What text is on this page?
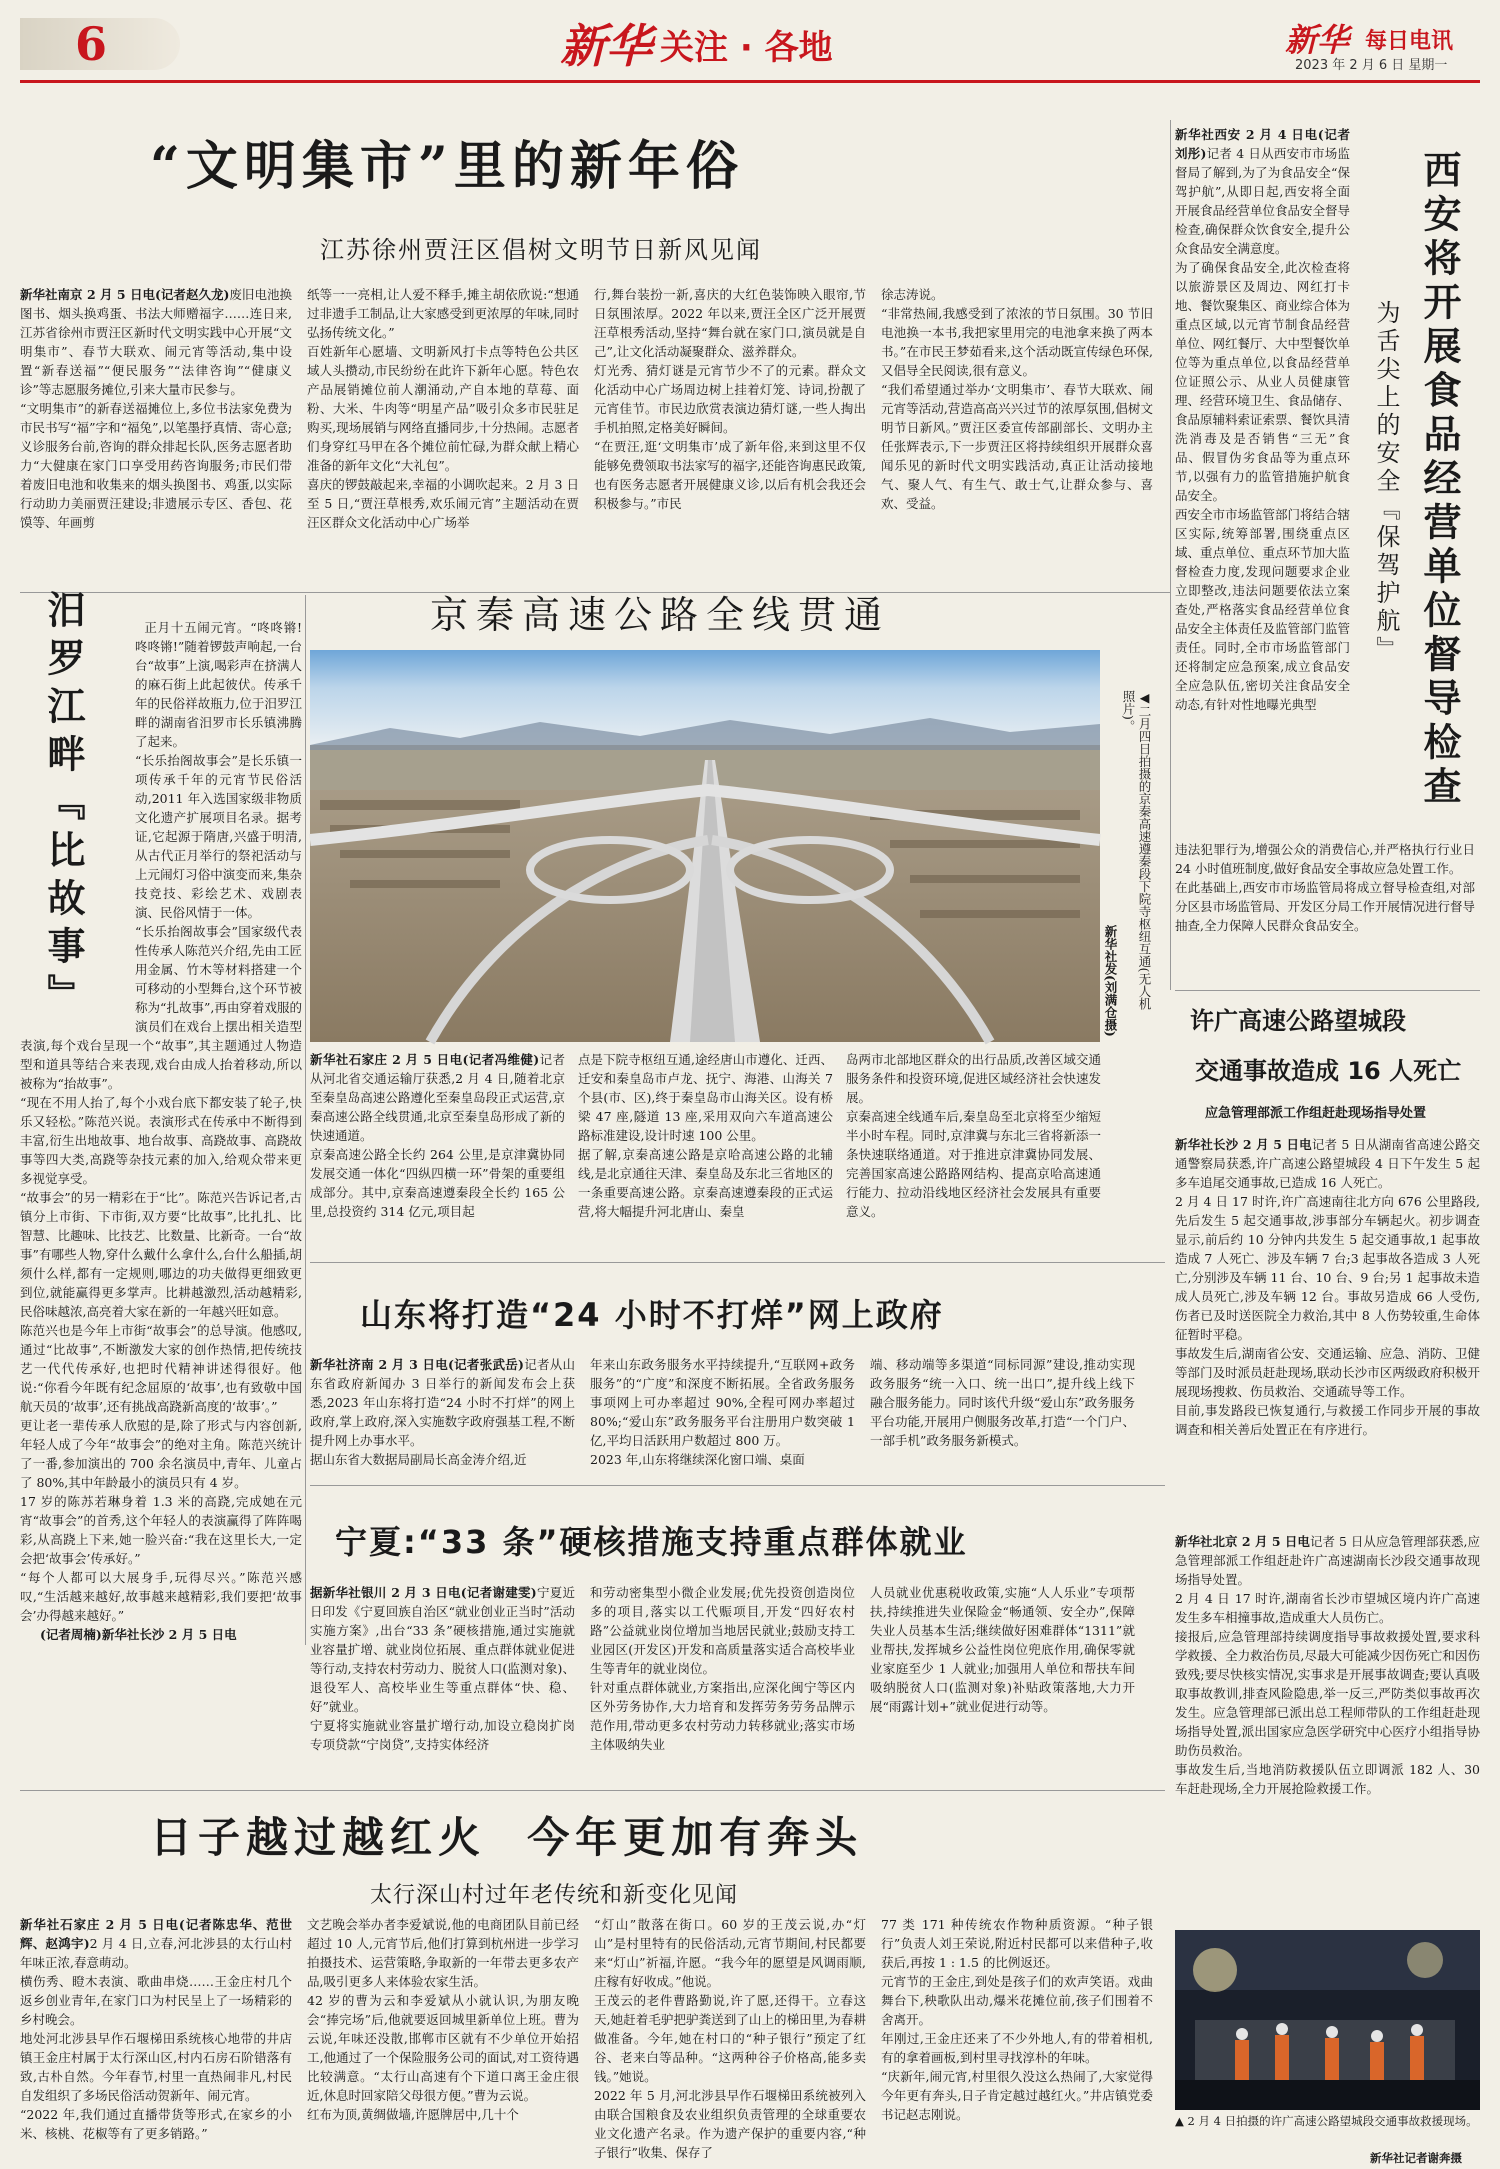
6	新华 关注 · 各地	新华 每日电讯
2023 年 2 月 6 日 星期一
“文明集市”里的新年俗
江苏徐州贾汪区倡树文明节日新风见闻
新华社南京 2 月 5 日电(记者赵久龙)废旧电池换图书、烟头换鸡蛋、书法大师赠福字……连日来,江苏省徐州市贾汪区新时代文明实践中心开展“文明集市”、春节大联欢、闹元宵等活动,集中设置“新春送福”“便民服务”“法律咨询”“健康义诊”等志愿服务摊位,引来大量市民参与。
“文明集市”的新春送福摊位上,多位书法家免费为市民书写“福”字和“福兔”,以笔墨抒真情、寄心意;义诊服务台前,咨询的群众排起长队,医务志愿者助力“大健康在家门口享受用药咨询服务;市民们带着废旧电池和收集来的烟头换图书、鸡蛋,以实际行动助力美丽贾汪建设;非遗展示专区、香包、花馍等、年画剪
纸等一一亮相,让人爱不释手,摊主胡依欣说:“想通过非遗手工制品,让大家感受到更浓厚的年味,同时弘扬传统文化。”
百姓新年心愿墙、文明新风打卡点等特色公共区域人头攒动,市民纷纷在此许下新年心愿。特色农产品展销摊位前人潮涌动,产自本地的草莓、面粉、大米、牛肉等“明星产品”吸引众多市民驻足购买,现场展销与网络直播同步,十分热闹。志愿者们身穿红马甲在各个摊位前忙碌,为群众献上精心准备的新年文化“大礼包”。
喜庆的锣鼓敲起来,幸福的小调吹起来。2 月 3 日至 5 日,“贾汪草根秀,欢乐闹元宵”主题活动在贾汪区群众文化活动中心广场举
行,舞台装扮一新,喜庆的大红色装饰映入眼帘,节日氛围浓厚。2022 年以来,贾汪全区广泛开展贾汪草根秀活动,坚持“舞台就在家门口,演员就是自己”,让文化活动凝聚群众、滋养群众。
灯光秀、猜灯谜是元宵节少不了的元素。群众文化活动中心广场周边树上挂着灯笼、诗词,扮靓了元宵佳节。市民边欣赏表演边猜灯谜,一些人掏出手机拍照,定格美好瞬间。
“在贾汪,逛‘文明集市’成了新年俗,来到这里不仅能够免费领取书法家写的福字,还能咨询惠民政策,也有医务志愿者开展健康义诊,以后有机会我还会积极参与。”市民
徐志涛说。
“非常热闹,我感受到了浓浓的节日氛围。30 节旧电池换一本书,我把家里用完的电池拿来换了两本书。”在市民王梦茹看来,这个活动既宣传绿色环保,又倡导全民阅读,很有意义。
“我们希望通过举办‘文明集市’、春节大联欢、闹元宵等活动,营造高高兴兴过节的浓厚氛围,倡树文明节日新风。”贾汪区委宣传部副部长、文明办主任张辉表示,下一步贾汪区将持续组织开展群众喜闻乐见的新时代文明实践活动,真正让活动接地气、聚人气、有生气、敢士气,让群众参与、喜欢、受益。
新华社西安 2 月 4 日电(记者刘彤)记者 4 日从西安市市场监督局了解到,为了为食品安全“保驾护航”,从即日起,西安将全面开展食品经营单位食品安全督导检查,确保群众饮食安全,提升公众食品安全满意度。
为了确保食品安全,此次检查将以旅游景区及周边、网红打卡地、餐饮聚集区、商业综合体为重点区域,以元宵节制食品经营单位、网红餐厅、大中型餐饮单位等为重点单位,以食品经营单位证照公示、从业人员健康管理、经营环境卫生、食品储存、食品原辅料索证索票、餐饮具清洗消毒及是否销售“三无”食品、假冒伪劣食品等为重点环节,以强有力的监管措施护航食品安全。
西安全市市场监管部门将结合辖区实际,统筹部署,围绕重点区域、重点单位、重点环节加大监督检查力度,发现问题要求企业立即整改,违法问题要依法立案查处,严格落实食品经营单位食品安全主体责任及监管部门监管责任。同时,全市市场监管部门还将制定应急预案,成立食品安全应急队伍,密切关注食品安全动态,有针对性地曝光典型	西安将开展食品经营单位督导检查
为舌尖上的安全『保驾护航』
违法犯罪行为,增强公众的消费信心,并严格执行行业日 24 小时值班制度,做好食品安全事故应急处置工作。
在此基础上,西安市市场监管局将成立督导检查组,对部分区县市场监管局、开发区分局工作开展情况进行督导抽查,全力保障人民群众食品安全。
汨罗江畔『比故事』

	正月十五闹元宵。“咚咚锵!咚咚锵!”随着锣鼓声响起,一台台“故事”上演,喝彩声在挤满人的麻石街上此起彼伏。传承千年的民俗祥故瓶力,位于汨罗江畔的湖南省汨罗市长乐镇沸腾了起来。
“长乐抬阁故事会”是长乐镇一项传承千年的元宵节民俗活动,2011 年入选国家级非物质文化遗产扩展项目名录。据考证,它起源于隋唐,兴盛于明清,从古代正月举行的祭祀活动与上元闹灯习俗中演变而来,集杂技竞技、彩绘艺术、戏剧表演、民俗风情于一体。
“长乐抬阁故事会”国家级代表性传承人陈范兴介绍,先由工匠用金属、竹木等材料搭建一个可移动的小型舞台,这个环节被称为“扎故事”,再由穿着戏服的演员们在戏台上摆出相关造型表演,每个戏台呈现一个“故事”,其主题通过人物造型和道具等结合来表现,戏台由成人抬着移动,所以被称为“抬故事”。
“现在不用人抬了,每个小戏台底下都安装了轮子,快乐又轻松。”陈范兴说。表演形式在传承中不断得到丰富,衍生出地故事、地台故事、高跷故事、高跷故事等四大类,高跷等杂技元素的加入,给观众带来更多视觉享受。
“故事会”的另一精彩在于“比”。陈范兴告诉记者,古镇分上市街、下市街,双方要“比故事”,比扎扎、比智慧、比趣味、比技艺、比数量、比新奇。一台“故事”有哪些人物,穿什么戴什么拿什么,台什么船插,胡须什么样,都有一定规则,哪边的功夫做得更细致更到位,就能赢得更多掌声。比耕越激烈,活动越精彩,民俗味越浓,高亮着大家在新的一年越兴旺如意。
陈范兴也是今年上市街“故事会”的总导演。他感叹,通过“比故事”,不断激发大家的创作热情,把传统技艺一代代传承好,也把时代精神讲述得很好。他说:“你看今年既有纪念屈原的‘故事’,也有致敬中国航天员的‘故事’,还有挑战高跷新高度的‘故事’。”
更让老一辈传承人欣慰的是,除了形式与内容创新,年轻人成了今年“故事会”的绝对主角。陈范兴统计了一番,参加演出的 700 余名演员中,青年、儿童占了 80%,其中年龄最小的演员只有 4 岁。
17 岁的陈苏若琳身着 1.3 米的高跷,完成她在元宵“故事会”的首秀,这个年轻人的表演赢得了阵阵喝彩,从高跷上下来,她一脸兴奋:“我在这里长大,一定会把‘故事会’传承好。”
“每个人都可以大展身手,玩得尽兴。”陈范兴感叹,“生活越来越好,故事越来越精彩,我们要把‘故事会’办得越来越好。”

(记者周楠)新华社长沙 2 月 5 日电
京秦高速公路全线贯通
◀二月四日拍摄的京秦高速遵秦段下院寺枢纽互通(无人机照片)。
新华社发(刘满仓摄)
新华社石家庄 2 月 5 日电(记者冯维健)记者从河北省交通运输厅获悉,2 月 4 日,随着北京至秦皇岛高速公路遵化至秦皇岛段正式运营,京秦高速公路全线贯通,北京至秦皇岛形成了新的快速通道。
京秦高速公路全长约 264 公里,是京津冀协同发展交通一体化“四纵四横一环”骨架的重要组成部分。其中,京秦高速遵秦段全长约 165 公里,总投资约 314 亿元,项目起
点是下院寺枢纽互通,途经唐山市遵化、迁西、迁安和秦皇岛市卢龙、抚宁、海港、山海关 7 个县(市、区),终于秦皇岛市山海关区。设有桥梁 47 座,隧道 13 座,采用双向六车道高速公路标准建设,设计时速 100 公里。
据了解,京秦高速公路是京哈高速公路的北辅线,是北京通往天津、秦皇岛及东北三省地区的一条重要高速公路。京秦高速遵秦段的正式运营,将大幅提升河北唐山、秦皇
岛两市北部地区群众的出行品质,改善区域交通服务条件和投资环境,促进区域经济社会快速发展。
京秦高速全线通车后,秦皇岛至北京将至少缩短半小时车程。同时,京津冀与东北三省将新添一条快速联络通道。对于推进京津冀协同发展、完善国家高速公路路网结构、提高京哈高速通行能力、拉动沿线地区经济社会发展具有重要意义。
山东将打造“24 小时不打烊”网上政府
新华社济南 2 月 3 日电(记者张武岳)记者从山东省政府新闻办 3 日举行的新闻发布会上获悉,2023 年山东将打造“24 小时不打烊”的网上政府,掌上政府,深入实施数字政府强基工程,不断提升网上办事水平。
据山东省大数据局副局长高金涛介绍,近
年来山东政务服务水平持续提升,“互联网+政务服务”的“广度”和深度不断拓展。全省政务服务事项网上可办率超过 90%,全程可网办率超过 80%;“爱山东”政务服务平台注册用户数突破 1 亿,平均日活跃用户数超过 800 万。
2023 年,山东将继续深化窗口端、桌面
端、移动端等多渠道“同标同源”建设,推动实现政务服务“统一入口、统一出口”,提升线上线下融合服务能力。同时该代升级“爱山东”政务服务平台功能,开展用户侧服务改革,打造“一个门户、一部手机”政务服务新模式。
宁夏:“33 条”硬核措施支持重点群体就业
据新华社银川 2 月 3 日电(记者谢建雯)宁夏近日印发《宁夏回族自治区“就业创业正当时”活动实施方案》,出台“33 条”硬核措施,通过实施就业容量扩增、就业岗位拓展、重点群体就业促进等行动,支持农村劳动力、脱贫人口(监测对象)、退役军人、高校毕业生等重点群体“快、稳、好”就业。
宁夏将实施就业容量扩增行动,加设立稳岗扩岗专项贷款“宁岗贷”,支持实体经济
和劳动密集型小微企业发展;优先投资创造岗位多的项目,落实以工代赈项目,开发“四好农村路”公益就业岗位增加当地居民就业;鼓励支持工业园区(开发区)开发和高质量落实适合高校毕业生等青年的就业岗位。
针对重点群体就业,方案指出,应深化闽宁等区内区外劳务协作,大力培育和发挥劳务劳务品牌示范作用,带动更多农村劳动力转移就业;落实市场主体吸纳失业
人员就业优惠税收政策,实施“人人乐业”专项帮扶,持续推进失业保险金“畅通领、安全办”,保障失业人员基本生活;继续做好困难群体“1311”就业帮扶,发挥城乡公益性岗位兜底作用,确保零就业家庭至少 1 人就业;加强用人单位和帮扶车间吸纳脱贫人口(监测对象)补贴政策落地,大力开展“雨露计划+”就业促进行动等。
许广高速公路望城段
交通事故造成 16 人死亡
应急管理部派工作组赶赴现场指导处置
新华社长沙 2 月 5 日电记者 5 日从湖南省高速公路交通警察局获悉,许广高速公路望城段 4 日下午发生 5 起多车追尾交通事故,已造成 16 人死亡。
2 月 4 日 17 时许,许广高速南往北方向 676 公里路段,先后发生 5 起交通事故,涉事部分车辆起火。初步调查显示,前后约 10 分钟内共发生 5 起交通事故,1 起事故造成 7 人死亡、涉及车辆 7 台;3 起事故各造成 3 人死亡,分别涉及车辆 11 台、10 台、9 台;另 1 起事故未造成人员死亡,涉及车辆 12 台。事故另造成 66 人受伤,伤者已及时送医院全力救治,其中 8 人伤势较重,生命体征暂时平稳。
事故发生后,湖南省公安、交通运输、应急、消防、卫健等部门及时派员赶赴现场,联动长沙市区两级政府积极开展现场搜救、伤员救治、交通疏导等工作。
目前,事发路段已恢复通行,与救援工作同步开展的事故调查和相关善后处置正在有序进行。
新华社北京 2 月 5 日电记者 5 日从应急管理部获悉,应急管理部派工作组赶赴许广高速湖南长沙段交通事故现场指导处置。
2 月 4 日 17 时许,湖南省长沙市望城区境内许广高速发生多车相撞事故,造成重大人员伤亡。
接报后,应急管理部持续调度指导事故救援处置,要求科学救援、全力救治伤员,尽最大可能减少因伤死亡和因伤致残;要尽快核实情况,实事求是开展事故调查;要认真吸取事故教训,排查风险隐患,举一反三,严防类似事故再次发生。应急管理部已派出总工程师带队的工作组赶赴现场指导处置,派出国家应急医学研究中心医疗小组指导协助伤员救治。
事故发生后,当地消防救援队伍立即调派 182 人、30 车赶赴现场,全力开展抢险救援工作。
▲ 2 月 4 日拍摄的许广高速公路望城段交通事故救援现场。
新华社记者谢奔摄
日子越过越红火  今年更加有奔头
太行深山村过年老传统和新变化见闻
新华社石家庄 2 月 5 日电(记者陈忠华、范世辉、赵鸿宇)2 月 4 日,立春,河北涉县的太行山村年味正浓,春意萌动。
横伤秀、瞪木表演、歌曲串烧……王金庄村几个返乡创业青年,在家门口为村民呈上了一场精彩的乡村晚会。
地处河北涉县早作石堰梯田系统核心地带的井店镇王金庄村属于太行深山区,村内石房石阶错落有致,古朴自然。今年春节,村里一直热闹非凡,村民自发组织了多场民俗活动贺新年、闹元宵。
“2022 年,我们通过直播带货等形式,在家乡的小米、核桃、花椒等有了更多销路。”
文艺晚会举办者李爱斌说,他的电商团队目前已经超过 10 人,元宵节后,他们打算到杭州进一步学习拍摄技术、运营策略,争取新的一年带去更多农产品,吸引更多人来体验农家生活。
42 岁的曹为云和李爱斌从小就认识,为朋友晚会“捧完场”后,他就要返回城里新单位上班。曹为云说,年味还没散,邯郸市区就有不少单位开始招工,他通过了一个保险服务公司的面试,对工资待遇比较满意。“太行山高速有个下道口离王金庄很近,休息时回家陪父母很方便。”曹为云说。
红布为顶,黄绸做墙,许愿牌居中,几十个
“灯山”散落在街口。60 岁的王茂云说,办“灯山”是村里特有的民俗活动,元宵节期间,村民都要来“灯山”祈福,许愿。“我今年的愿望是风调雨顺,庄稼有好收成。”他说。
王茂云的老件曹路勤说,许了愿,还得干。立春这天,她赶着毛驴把驴粪送到了山上的梯田里,为春耕做准备。今年,她在村口的“种子银行”预定了红谷、老来白等品种。“这两种谷子价格高,能多卖钱。”她说。
2022 年 5 月,河北涉县早作石堰梯田系统被列入由联合国粮食及农业组织负责管理的全球重要农业文化遗产名录。作为遗产保护的重要内容,“种子银行”收集、保存了
77 类 171 种传统农作物种质资源。“种子银行”负责人刘王荣说,附近村民都可以来借种子,收获后,再按 1 : 1.5 的比例返还。
元宵节的王金庄,到处是孩子们的欢声笑语。戏曲舞台下,秧歌队出动,爆米花摊位前,孩子们围着不舍离开。
年刚过,王金庄还来了不少外地人,有的带着相机,有的拿着画板,到村里寻找淳朴的年味。
“庆新年,闹元宵,村里很久没这么热闹了,大家觉得今年更有奔头,日子肯定越过越红火。”井店镇党委书记赵志刚说。
